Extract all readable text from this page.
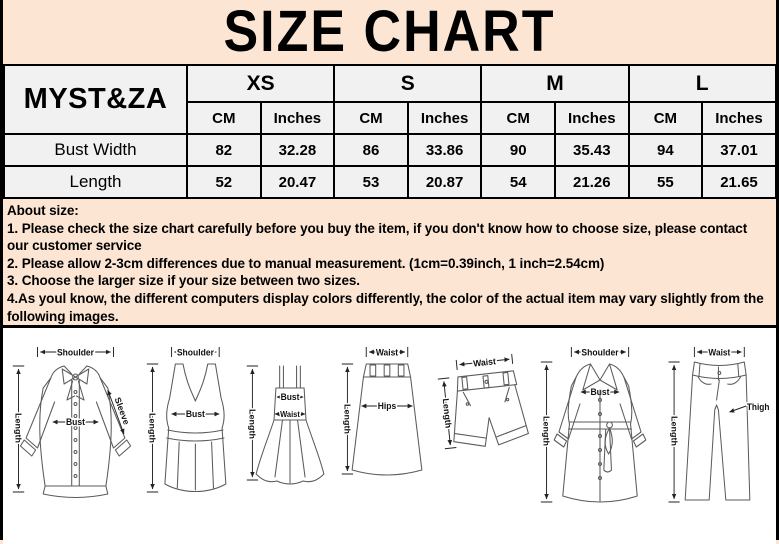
SIZE CHART
MYST&ZA	XS		S		M		L	
	CM	Inches	CM	Inches	CM	Inches	CM	Inches
Bust Width	82	32.28	86	33.86	90	35.43	94	37.01
Length	52	20.47	53	20.87	54	21.26	55	21.65

About size:

1. Please check the size chart carefully before you buy the item, if you don't know how to choose size, please contact our customer service

2. Please allow 2-3cm differences due to manual measurement. (1cm=0.39inch, 1 inch=2.54cm)

3. Choose the larger size if your size between two sizes.

4.As youl know, the different computers display colors differently, the color of the actual item may vary slightly from the following images.

Shoulder
Length	Bust	Sleeve
Shoulder
Length	Bust	Length
Bust
Waist
Waist
Length	Hips
Waist
Length
Shoulder
Length
Bust
Waist
Length
Thigh
